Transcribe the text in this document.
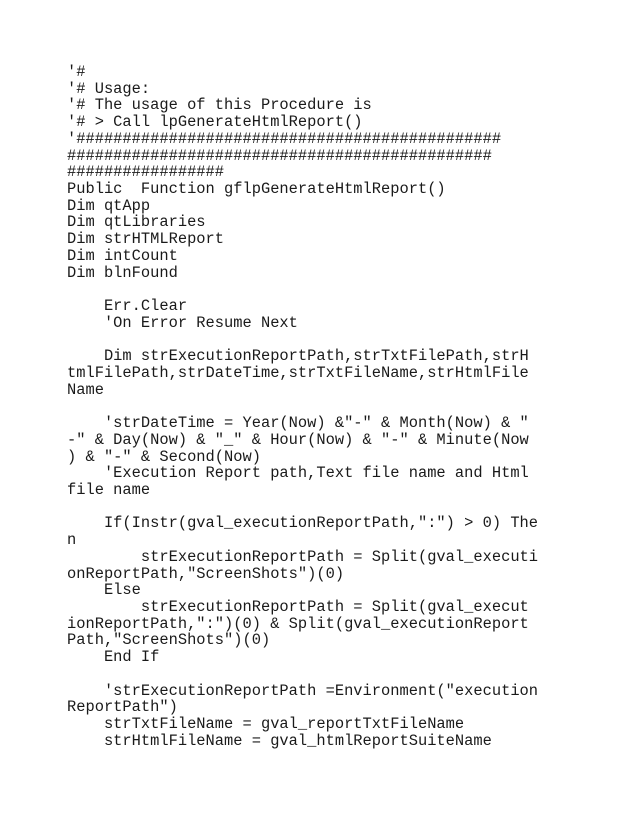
'#
'# Usage:
'# The usage of this Procedure is
'# > Call lpGenerateHtmlReport()
'##############################################
##############################################
#################
Public  Function gflpGenerateHtmlReport()
Dim qtApp
Dim qtLibraries
Dim strHTMLReport
Dim intCount
Dim blnFound
Err.Clear
'On Error Resume Next
Dim strExecutionReportPath,strTxtFilePath,strH
tmlFilePath,strDateTime,strTxtFileName,strHtmlFile
Name
'strDateTime = Year(Now) &"-" & Month(Now) & "
-" & Day(Now) & "_" & Hour(Now) & "-" & Minute(Now
) & "-" & Second(Now)
'Execution Report path,Text file name and Html
file name
If(Instr(gval_executionReportPath,":") > 0) The
n
strExecutionReportPath = Split(gval_executi
onReportPath,"ScreenShots")(0)
Else
strExecutionReportPath = Split(gval_execut
ionReportPath,":")(0) & Split(gval_executionReport
Path,"ScreenShots")(0)
End If
'strExecutionReportPath =Environment("execution
ReportPath")
strTxtFileName = gval_reportTxtFileName
strHtmlFileName = gval_htmlReportSuiteName
